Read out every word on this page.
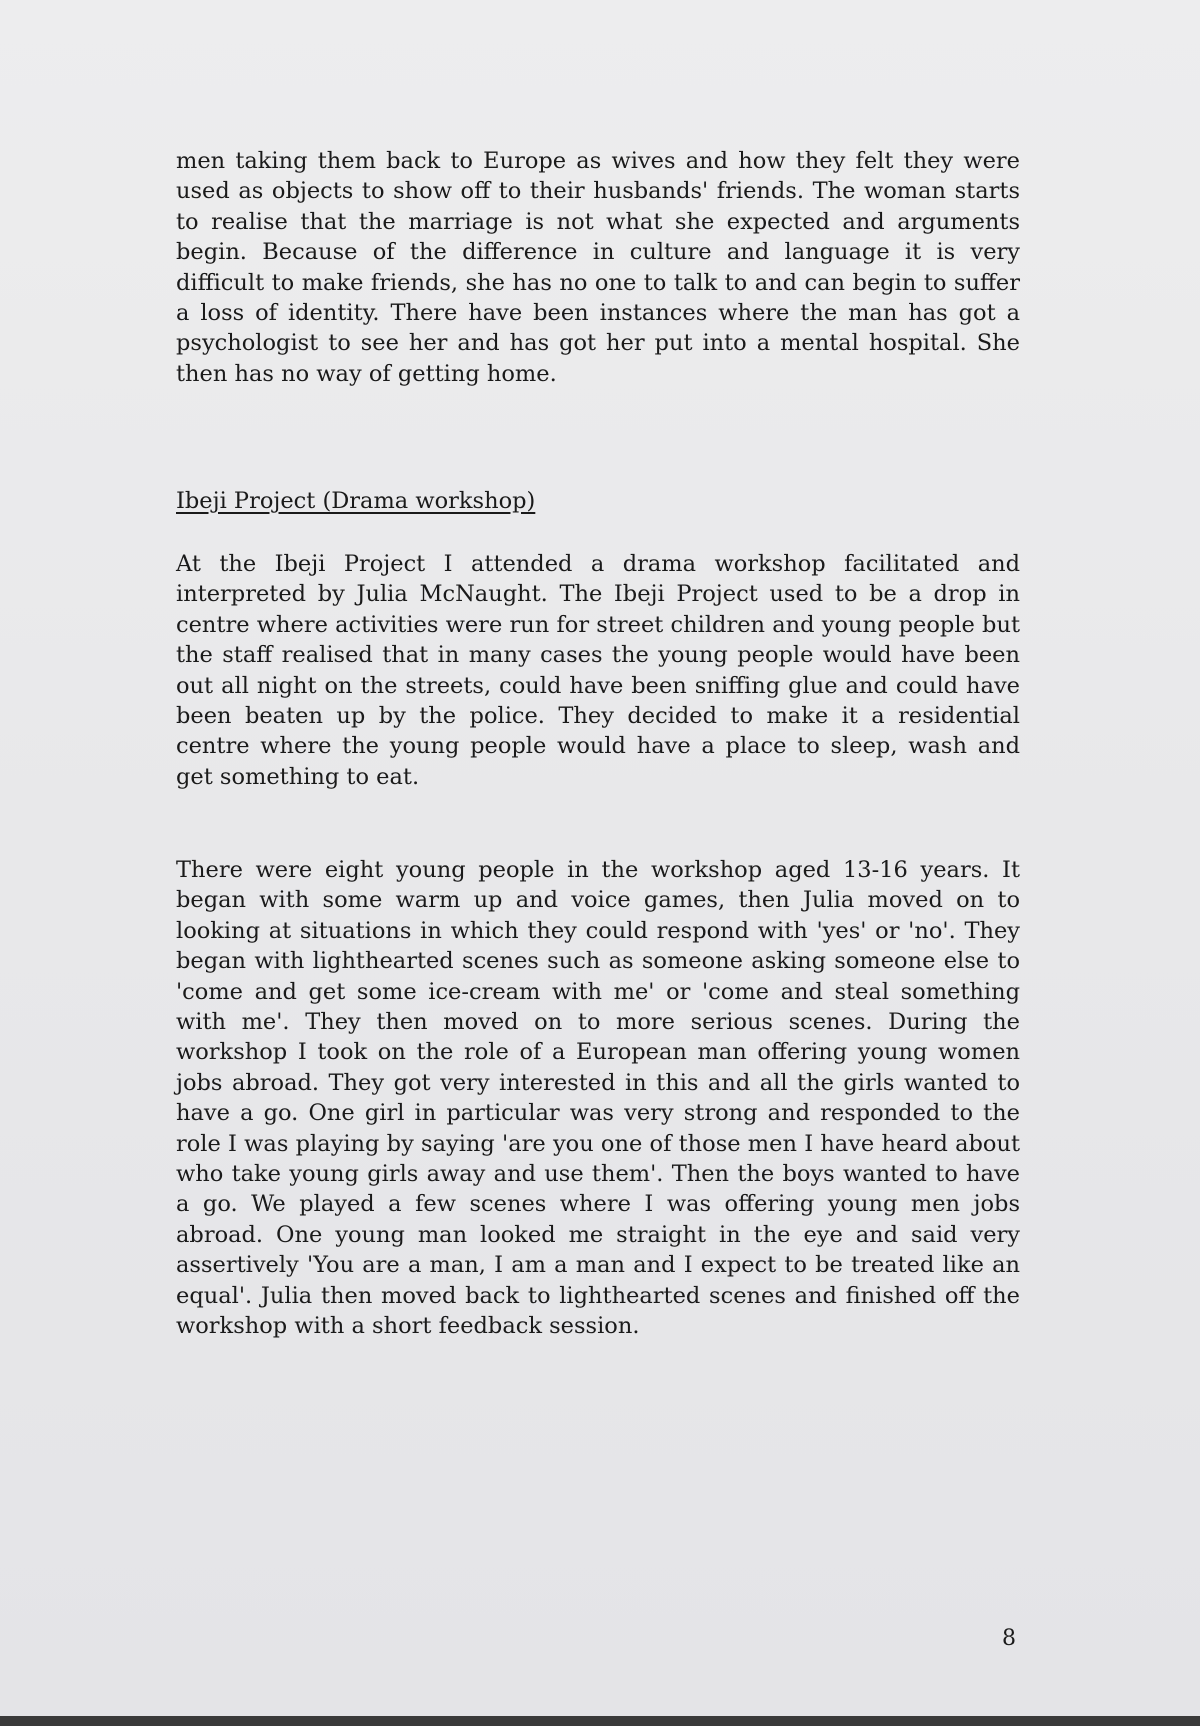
men taking them back to Europe as wives and how they felt they were used as objects to show off to their husbands' friends. The woman starts to realise that the marriage is not what she expected and arguments begin. Because of the difference in culture and language it is very difficult to make friends, she has no one to talk to and can begin to suffer a loss of identity. There have been instances where the man has got a psychologist to see her and has got her put into a mental hospital. She then has no way of getting home.

Ibeji Project (Drama workshop)

At the Ibeji Project I attended a drama workshop facilitated and interpreted by Julia McNaught. The Ibeji Project used to be a drop in centre where activities were run for street children and young people but the staff realised that in many cases the young people would have been out all night on the streets, could have been sniffing glue and could have been beaten up by the police. They decided to make it a residential centre where the young people would have a place to sleep, wash and get something to eat.

There were eight young people in the workshop aged 13-16 years. It began with some warm up and voice games, then Julia moved on to looking at situations in which they could respond with 'yes' or 'no'. They began with lighthearted scenes such as someone asking someone else to 'come and get some ice-cream with me' or 'come and steal something with me'. They then moved on to more serious scenes. During the workshop I took on the role of a European man offering young women jobs abroad. They got very interested in this and all the girls wanted to have a go. One girl in particular was very strong and responded to the role I was playing by saying 'are you one of those men I have heard about who take young girls away and use them'. Then the boys wanted to have a go. We played a few scenes where I was offering young men jobs abroad. One young man looked me straight in the eye and said very assertively 'You are a man, I am a man and I expect to be treated like an equal'. Julia then moved back to lighthearted scenes and finished off the workshop with a short feedback session.

8
